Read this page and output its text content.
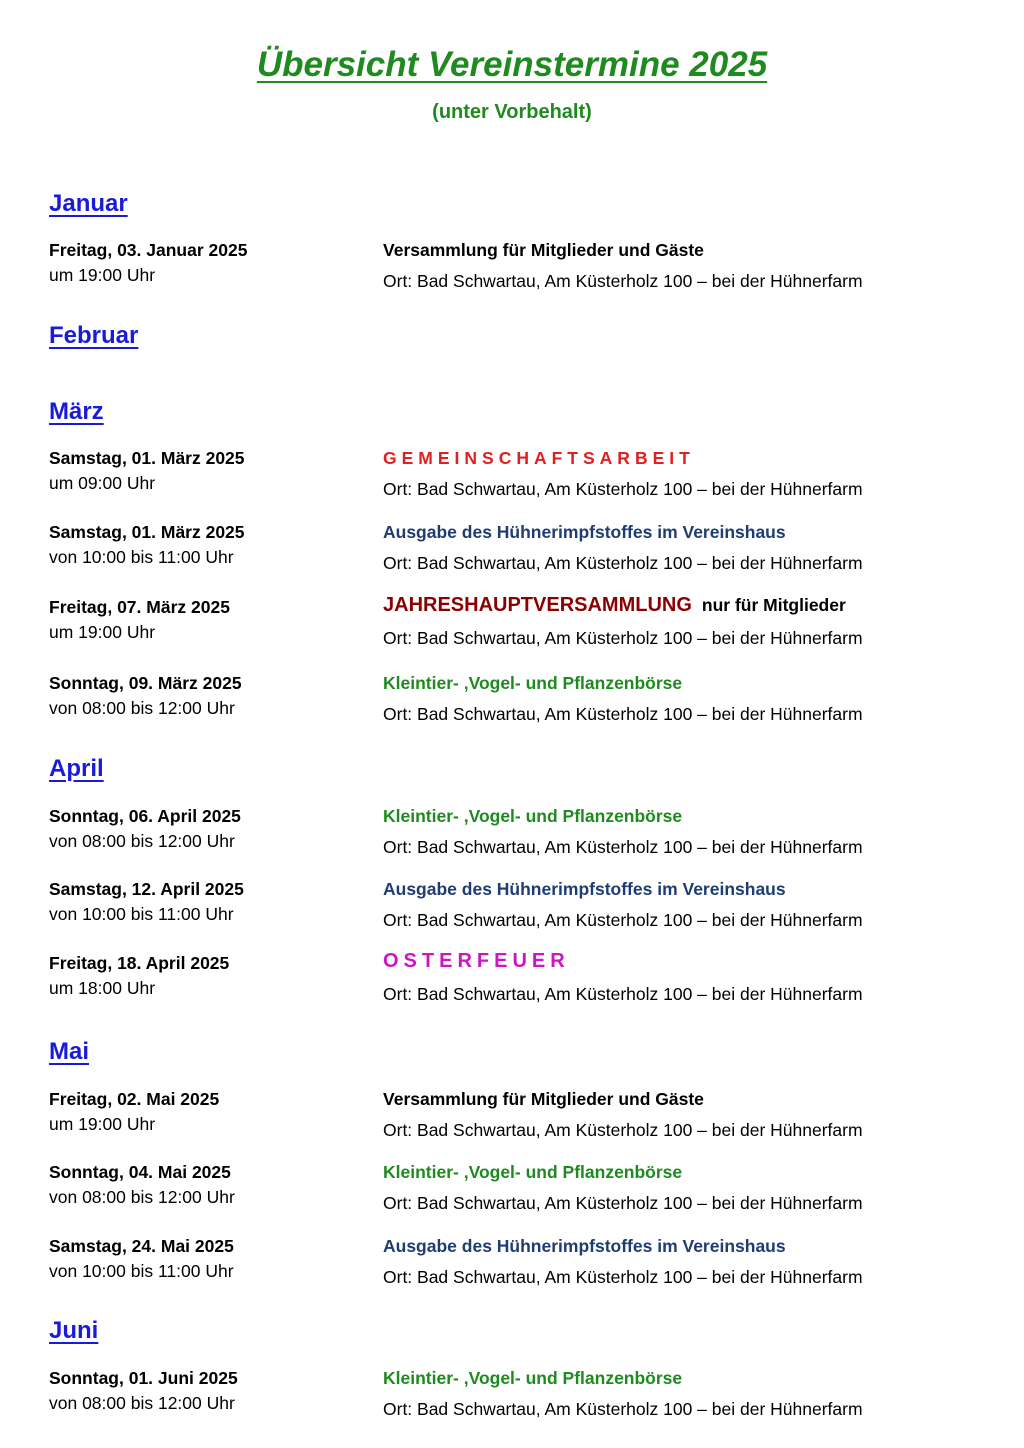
Übersicht Vereinstermine 2025
(unter Vorbehalt)
Januar
Februar
März
April
Mai
Juni
Freitag, 03. Januar 2025
um 19:00 Uhr
Versammlung für Mitglieder und Gäste
Ort: Bad Schwartau, Am Küsterholz 100 – bei der Hühnerfarm
Samstag, 01. März 2025
um 09:00 Uhr
GEMEINSCHAFTSARBEIT
Ort: Bad Schwartau, Am Küsterholz 100 – bei der Hühnerfarm
Samstag, 01. März 2025
von 10:00 bis 11:00 Uhr
Ausgabe des Hühnerimpfstoffes im Vereinshaus
Ort: Bad Schwartau, Am Küsterholz 100 – bei der Hühnerfarm
Freitag, 07. März 2025
um 19:00 Uhr
JAHRESHAUPTVERSAMMLUNG nur für Mitglieder
Ort: Bad Schwartau, Am Küsterholz 100 – bei der Hühnerfarm
Sonntag, 09. März 2025
von 08:00 bis 12:00 Uhr
Kleintier- ,Vogel- und Pflanzenbörse
Ort: Bad Schwartau, Am Küsterholz 100 – bei der Hühnerfarm
Sonntag, 06. April 2025
von 08:00 bis 12:00 Uhr
Kleintier- ,Vogel- und Pflanzenbörse
Ort: Bad Schwartau, Am Küsterholz 100 – bei der Hühnerfarm
Samstag, 12. April 2025
von 10:00 bis 11:00 Uhr
Ausgabe des Hühnerimpfstoffes im Vereinshaus
Ort: Bad Schwartau, Am Küsterholz 100 – bei der Hühnerfarm
Freitag, 18. April 2025
um 18:00 Uhr
OSTERFEUER
Ort: Bad Schwartau, Am Küsterholz 100 – bei der Hühnerfarm
Freitag, 02. Mai 2025
um 19:00 Uhr
Versammlung für Mitglieder und Gäste
Ort: Bad Schwartau, Am Küsterholz 100 – bei der Hühnerfarm
Sonntag, 04. Mai 2025
von 08:00 bis 12:00 Uhr
Kleintier- ,Vogel- und Pflanzenbörse
Ort: Bad Schwartau, Am Küsterholz 100 – bei der Hühnerfarm
Samstag, 24. Mai 2025
von 10:00 bis 11:00 Uhr
Ausgabe des Hühnerimpfstoffes im Vereinshaus
Ort: Bad Schwartau, Am Küsterholz 100 – bei der Hühnerfarm
Sonntag, 01. Juni 2025
von 08:00 bis 12:00 Uhr
Kleintier- ,Vogel- und Pflanzenbörse
Ort: Bad Schwartau, Am Küsterholz 100 – bei der Hühnerfarm
